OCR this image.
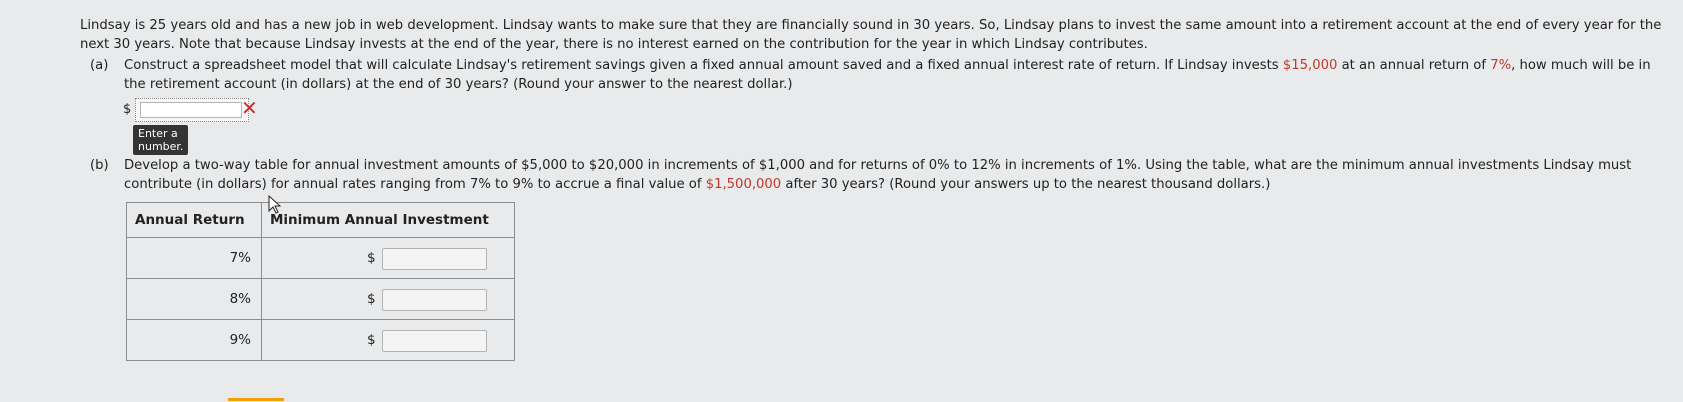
Lindsay is 25 years old and has a new job in web development. Lindsay wants to make sure that they are financially sound in 30 years. So, Lindsay plans to invest the same amount into a retirement account at the end of every year for the next 30 years. Note that because Lindsay invests at the end of the year, there is no interest earned on the contribution for the year in which Lindsay contributes.
(a) Construct a spreadsheet model that will calculate Lindsay's retirement savings given a fixed annual amount saved and a fixed annual interest rate of return. If Lindsay invests $15,000 at an annual return of 7%, how much will be in the retirement account (in dollars) at the end of 30 years? (Round your answer to the nearest dollar.)
$	✕
Enter a number.
(b) Develop a two-way table for annual investment amounts of $5,000 to $20,000 in increments of $1,000 and for returns of 0% to 12% in increments of 1%. Using the table, what are the minimum annual investments Lindsay must contribute (in dollars) for annual rates ranging from 7% to 9% to accrue a final value of $1,500,000 after 30 years? (Round your answers up to the nearest thousand dollars.)
Annual Return	Minimum Annual Investment
7%	$

8%	$

9%	$
